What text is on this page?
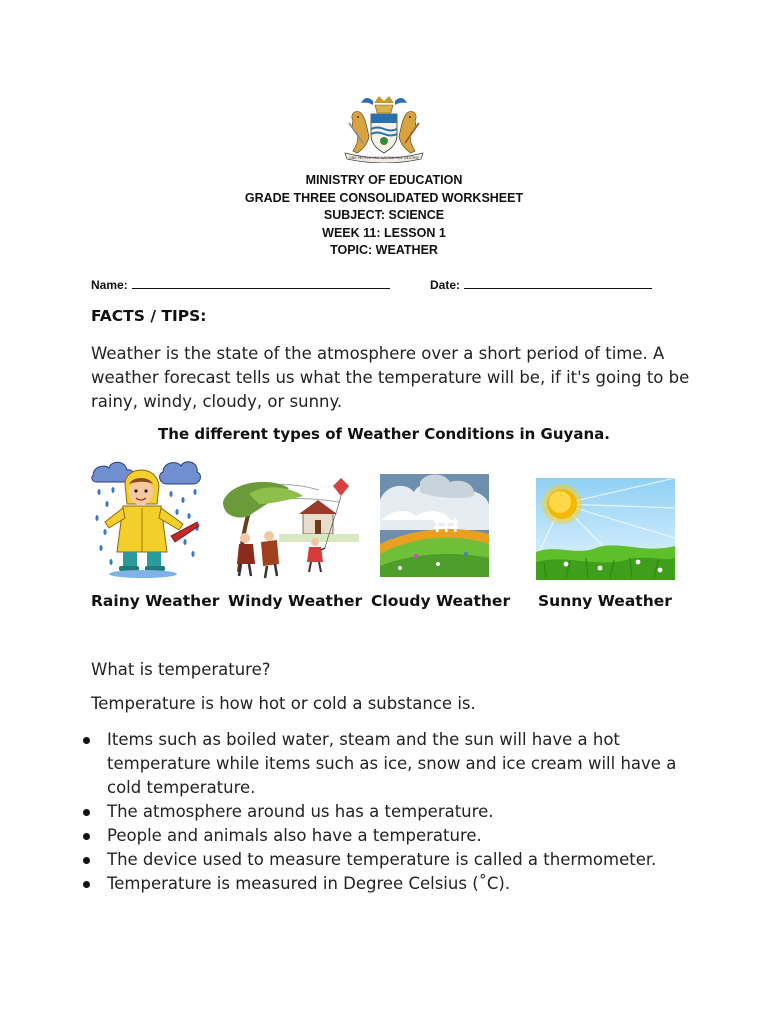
ONE PEOPLE ONE NATION ONE DESTINY
MINISTRY OF EDUCATION
GRADE THREE CONSOLIDATED WORKSHEET
SUBJECT: SCIENCE
WEEK 11: LESSON 1
TOPIC: WEATHER
Name:	Date:
FACTS / TIPS:
Weather is the state of the atmosphere over a short period of time. A weather forecast tells us what the temperature will be, if it's going to be rainy, windy, cloudy, or sunny.
The different types of Weather Conditions in Guyana.
Rainy Weather Windy Weather Cloudy Weather Sunny Weather
What is temperature?
Temperature is how hot or cold a substance is.
Items such as boiled water, steam and the sun will have a hot temperature while items such as ice, snow and ice cream will have a cold temperature.
The atmosphere around us has a temperature.
People and animals also have a temperature.
The device used to measure temperature is called a thermometer.
Temperature is measured in Degree Celsius (˚C).
